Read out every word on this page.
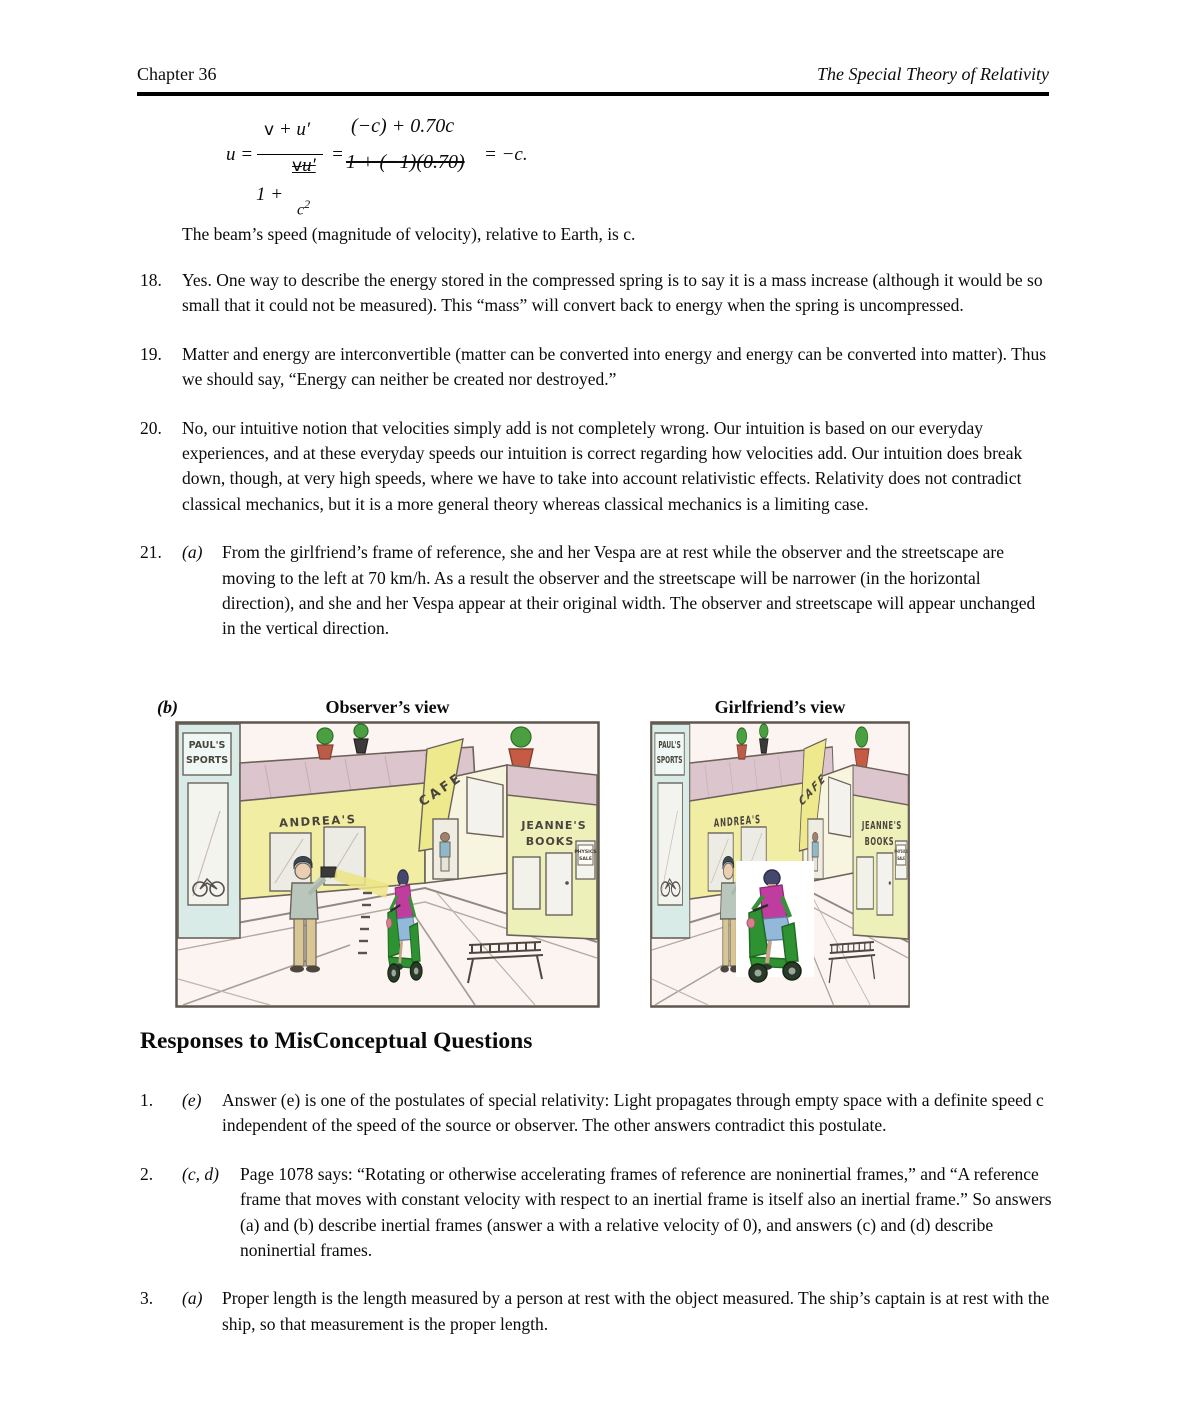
Chapter 36	The Special Theory of Relativity
u =
v + u′
vu′
1 +
$c^2$
=
(−c) + 0.70c
1 + (−1)(0.70) = −c.
The beam’s speed (magnitude of velocity), relative to Earth, is c.
18.	Yes. One way to describe the energy stored in the compressed spring is to say it is a mass increase (although it would be so small that it could not be measured). This “mass” will convert back to energy when the spring is uncompressed.
19.	Matter and energy are interconvertible (matter can be converted into energy and energy can be converted into matter). Thus we should say, “Energy can neither be created nor destroyed.”
20.	No, our intuitive notion that velocities simply add is not completely wrong. Our intuition is based on our everyday experiences, and at these everyday speeds our intuition is correct regarding how velocities add. Our intuition does break down, though, at very high speeds, where we have to take into account relativistic effects. Relativity does not contradict classical mechanics, but it is a more general theory whereas classical mechanics is a limiting case.
21.	(a)	From the girlfriend’s frame of reference, she and her Vespa are at rest while the observer and the streetscape are moving to the left at 70 km/h. As a result the observer and the streetscape will be narrower (in the horizontal direction), and she and her Vespa appear at their original width. The observer and streetscape will appear unchanged in the vertical direction.
(b)	Observer’s view	Girlfriend’s view
Responses to MisConceptual Questions
1.	(e)	Answer (e) is one of the postulates of special relativity: Light propagates through empty space with a definite speed c independent of the speed of the source or observer. The other answers contradict this postulate.
2.	(c, d)	Page 1078 says: “Rotating or otherwise accelerating frames of reference are noninertial frames,” and “A reference frame that moves with constant velocity with respect to an inertial frame is itself also an inertial frame.” So answers (a) and (b) describe inertial frames (answer a with a relative velocity of 0), and answers (c) and (d) describe noninertial frames.
3.	(a)	Proper length is the length measured by a person at rest with the object measured. The ship’s captain is at rest with the ship, so that measurement is the proper length.
